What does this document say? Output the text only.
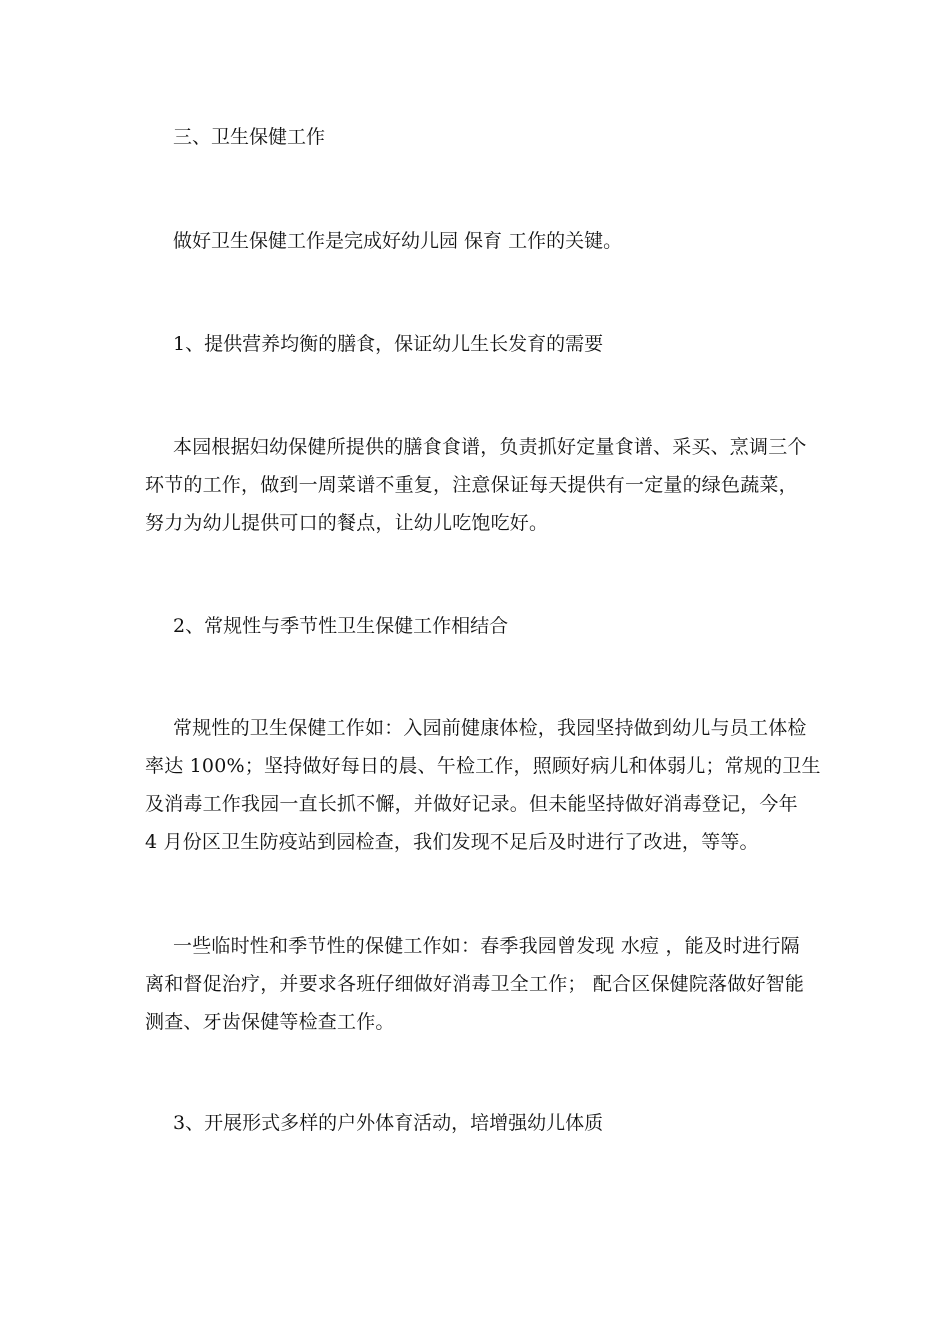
三、卫生保健工作

做好卫生保健工作是完成好幼儿园 保育 工作的关键。

1、提供营养均衡的膳食，保证幼儿生长发育的需要

本园根据妇幼保健所提供的膳食食谱，负责抓好定量食谱、采买、烹调三个
环节的工作，做到一周菜谱不重复，注意保证每天提供有一定量的绿色蔬菜，
努力为幼儿提供可口的餐点，让幼儿吃饱吃好。

2、常规性与季节性卫生保健工作相结合

常规性的卫生保健工作如：入园前健康体检，我园坚持做到幼儿与员工体检
率达 100%；坚持做好每日的晨、午检工作，照顾好病儿和体弱儿；常规的卫生
及消毒工作我园一直长抓不懈，并做好记录。但未能坚持做好消毒登记，今年
4 月份区卫生防疫站到园检查，我们发现不足后及时进行了改进，等等。
一些临时性和季节性的保健工作如：春季我园曾发现 水痘 ，能及时进行隔
离和督促治疗，并要求各班仔细做好消毒卫全工作； 配合区保健院落做好智能
测查、牙齿保健等检查工作。

3、开展形式多样的户外体育活动，培增强幼儿体质
